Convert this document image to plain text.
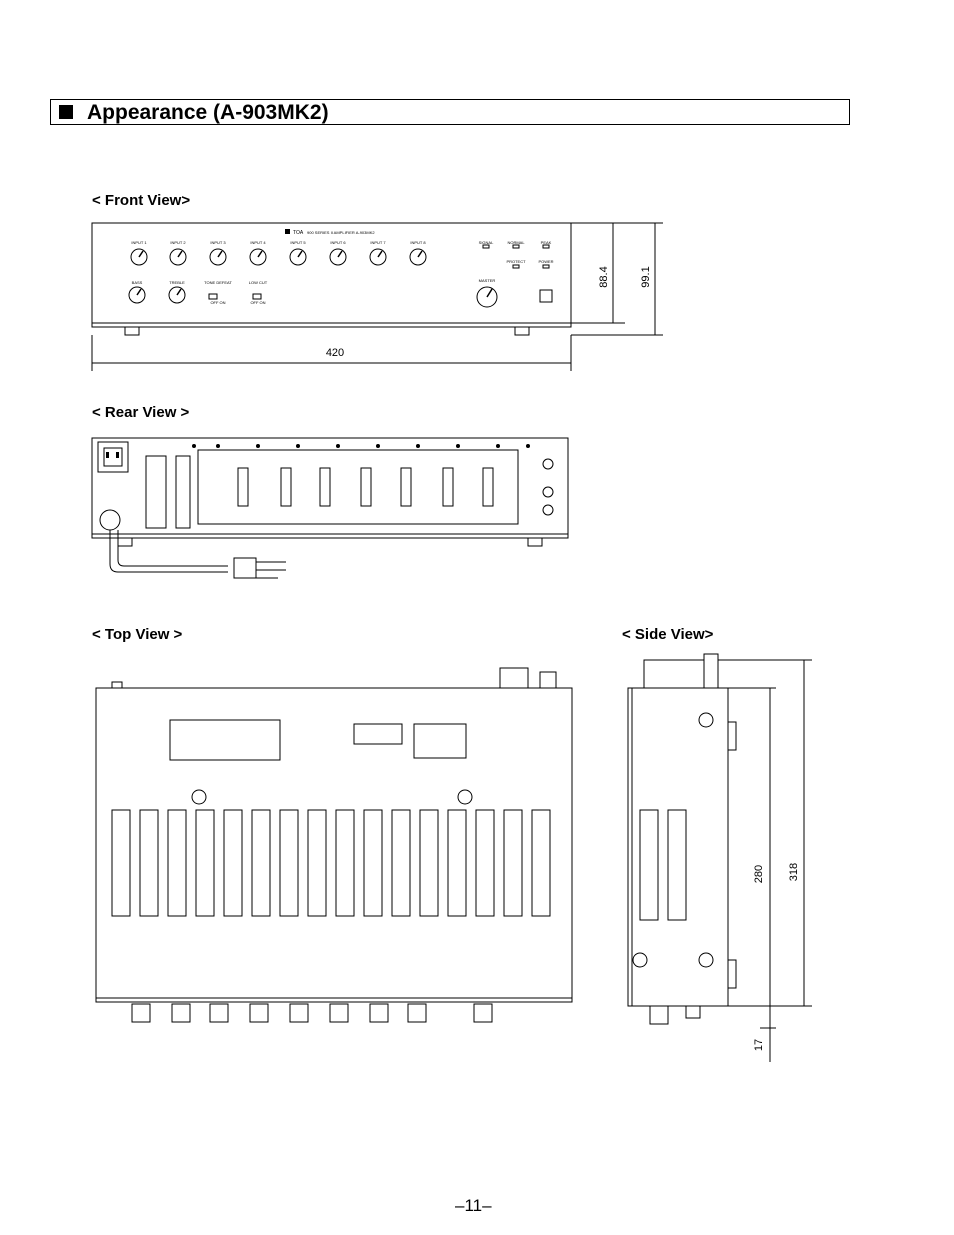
Appearance (A-903MK2)
< Front View>
< Rear View >
< Top View >	< Side View>
TOA 900 SERIES II AMPLIFIER A-903MK2
INPUT 1	INPUT 2	INPUT 3	INPUT 4	INPUT 5	INPUT 6	INPUT 7	INPUT 8
BASS	TREBLE	TONE DEFEAT	LOW CUT
OFF ON	OFF ON
SIGNAL	NORMAL	PEAK
PROTECT	POWER
MASTER
420
88.4	99.1
280 318
17
–11–
